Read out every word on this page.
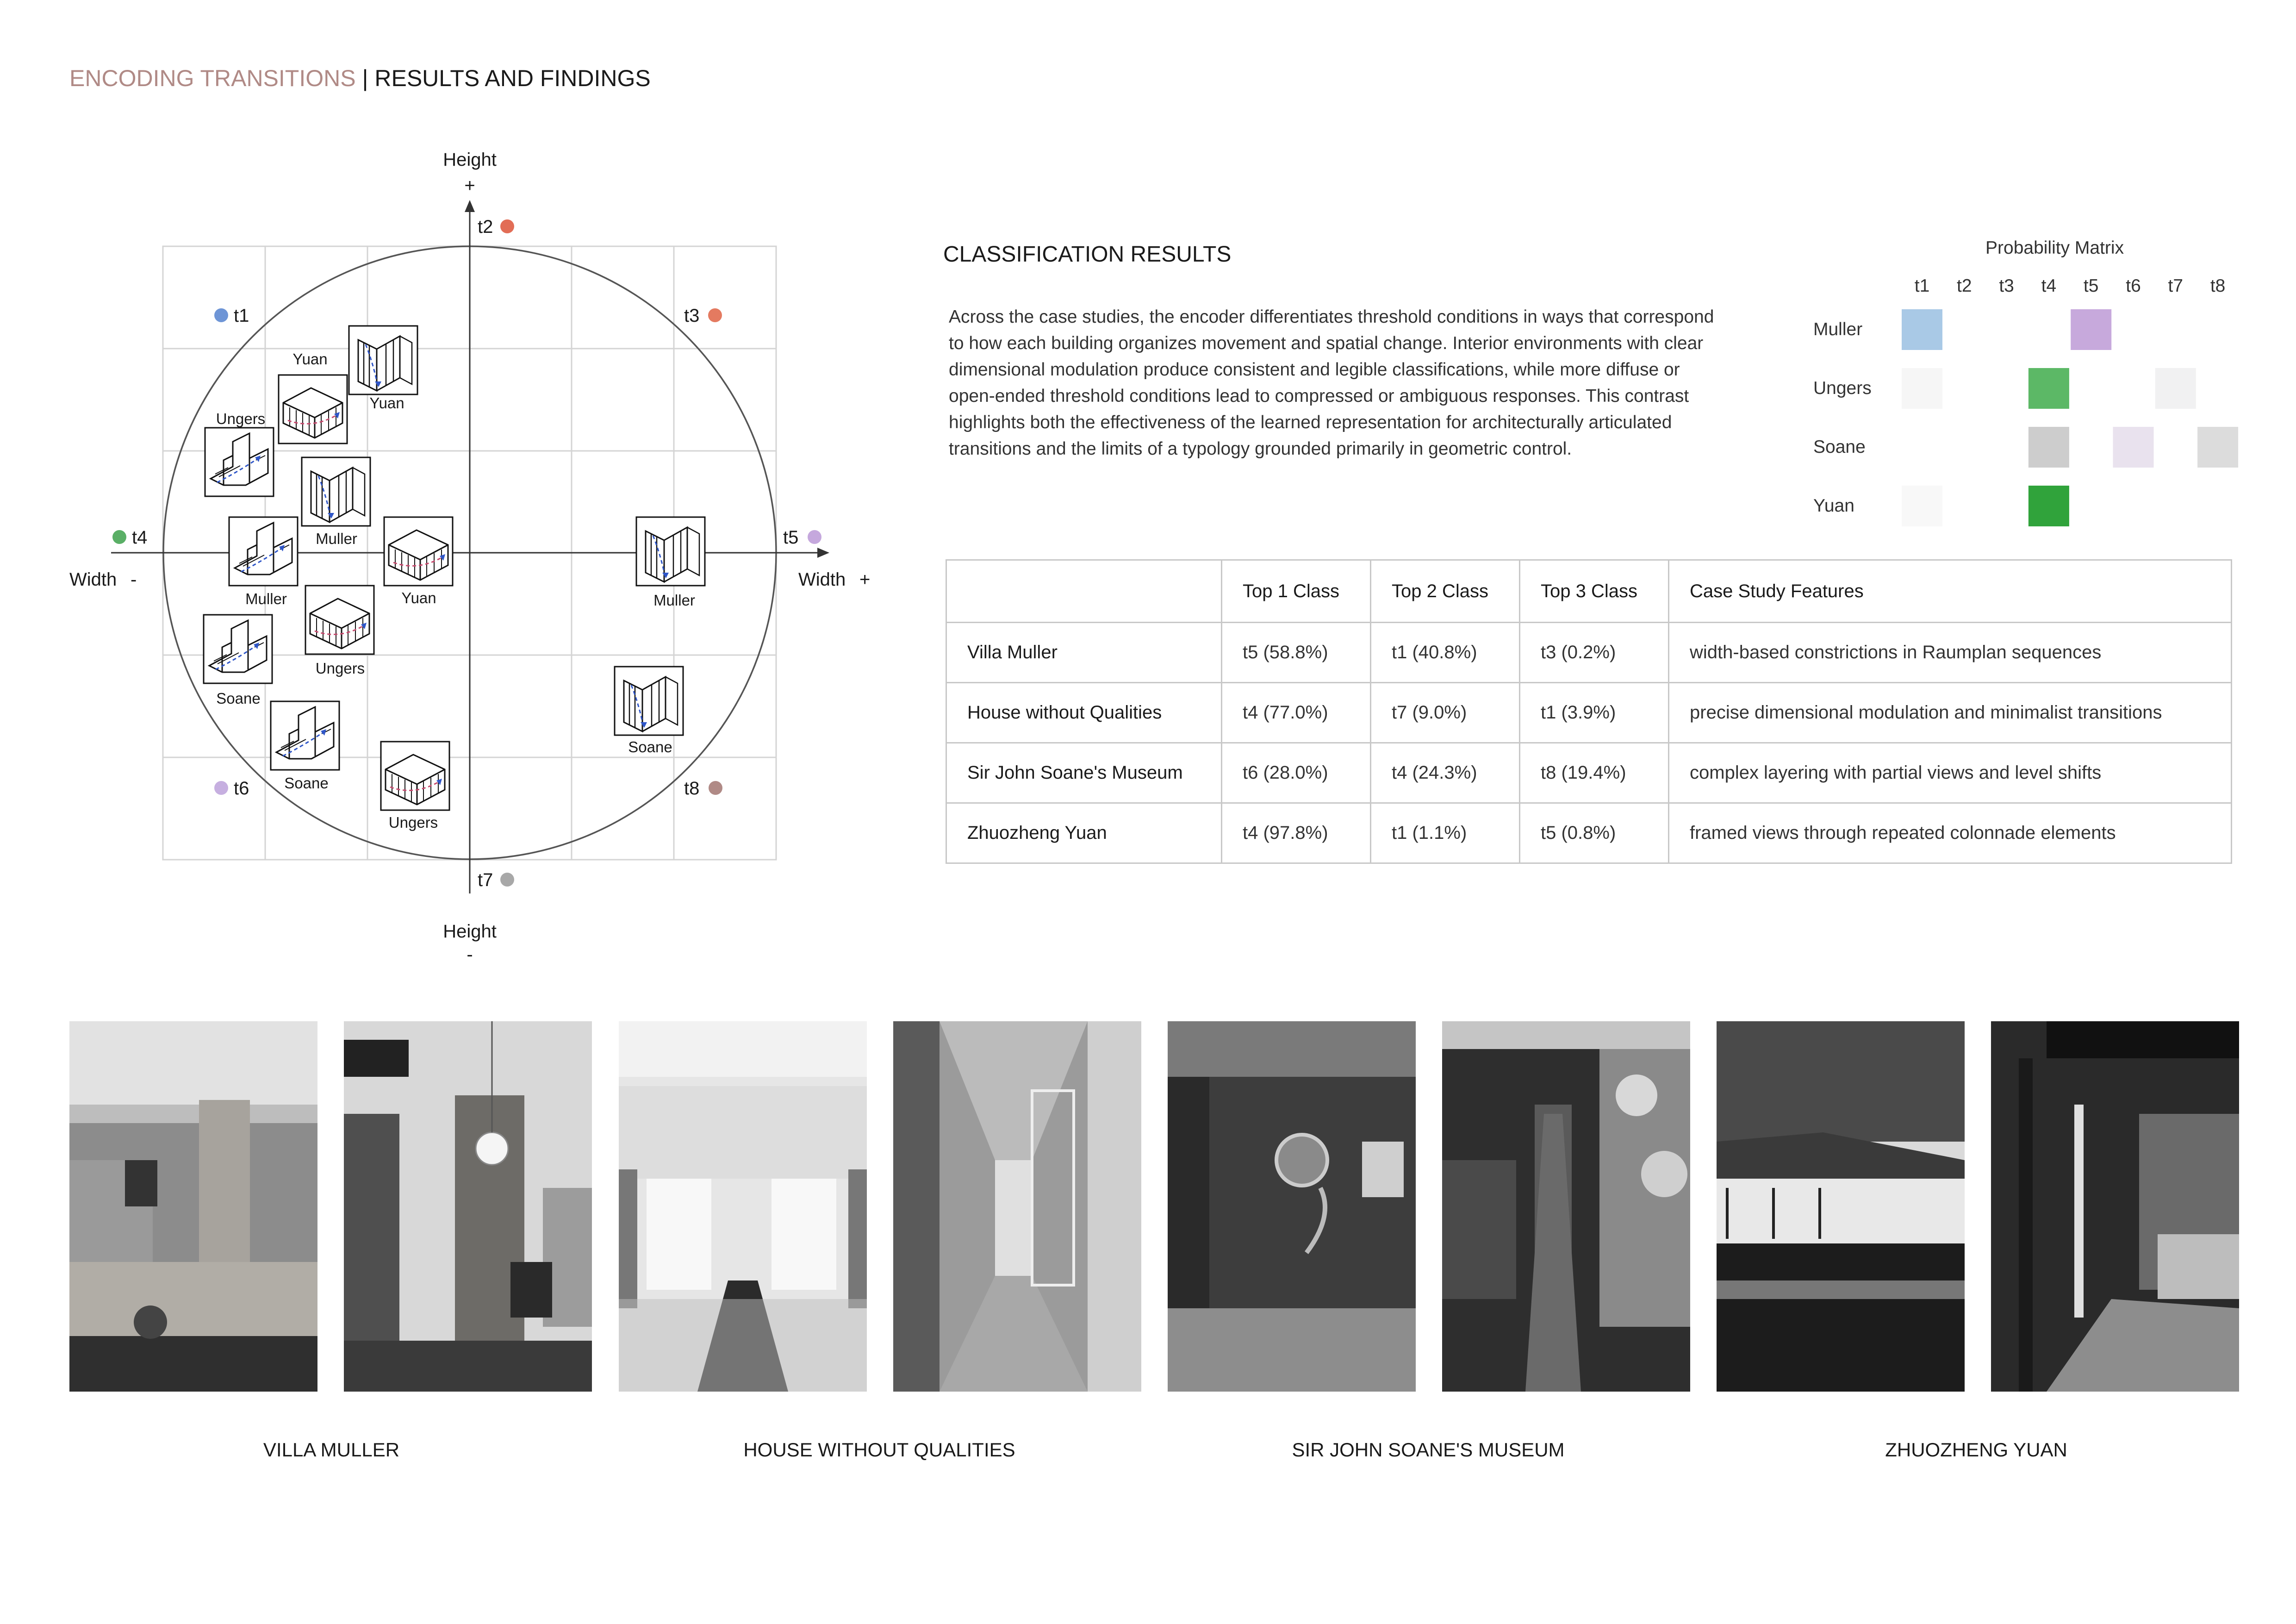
ENCODING TRANSITIONS | RESULTS AND FINDINGS
Height
+
Height
-
Width -	Width +
t1
t2
t3
t4	t5
t6
t7
t8
Yuan
Yuan
Ungers
Muller
Muller	Yuan	Muller
Ungers
Soane
Soane
Soane
Ungers
CLASSIFICATION RESULTS
Across the case studies, the encoder differentiates threshold conditions in ways that correspond to how each building organizes movement and spatial change. Interior environments with clear dimensional modulation produce consistent and legible classifications, while more diffuse or open-ended threshold conditions lead to compressed or ambiguous responses. This contrast highlights both the effectiveness of the learned representation for architecturally articulated transitions and the limits of a typology grounded primarily in geometric control.
Probability Matrix
t1 t2 t3 t4 t5 t6 t7 t8
Muller
Ungers
Soane
Yuan
	Top 1 Class	Top 2 Class	Top 3 Class	Case Study Features
Villa Muller	t5 (58.8%)	t1 (40.8%)	t3 (0.2%)	width-based constrictions in Raumplan sequences
House without Qualities	t4 (77.0%)	t7 (9.0%)	t1 (3.9%)	precise dimensional modulation and minimalist transitions
Sir John Soane's Museum	t6 (28.0%)	t4 (24.3%)	t8 (19.4%)	complex layering with partial views and level shifts
Zhuozheng Yuan	t4 (97.8%)	t1 (1.1%)	t5 (0.8%)	framed views through repeated colonnade elements
VILLA MULLER	HOUSE WITHOUT QUALITIES	SIR JOHN SOANE'S MUSEUM	ZHUOZHENG YUAN
